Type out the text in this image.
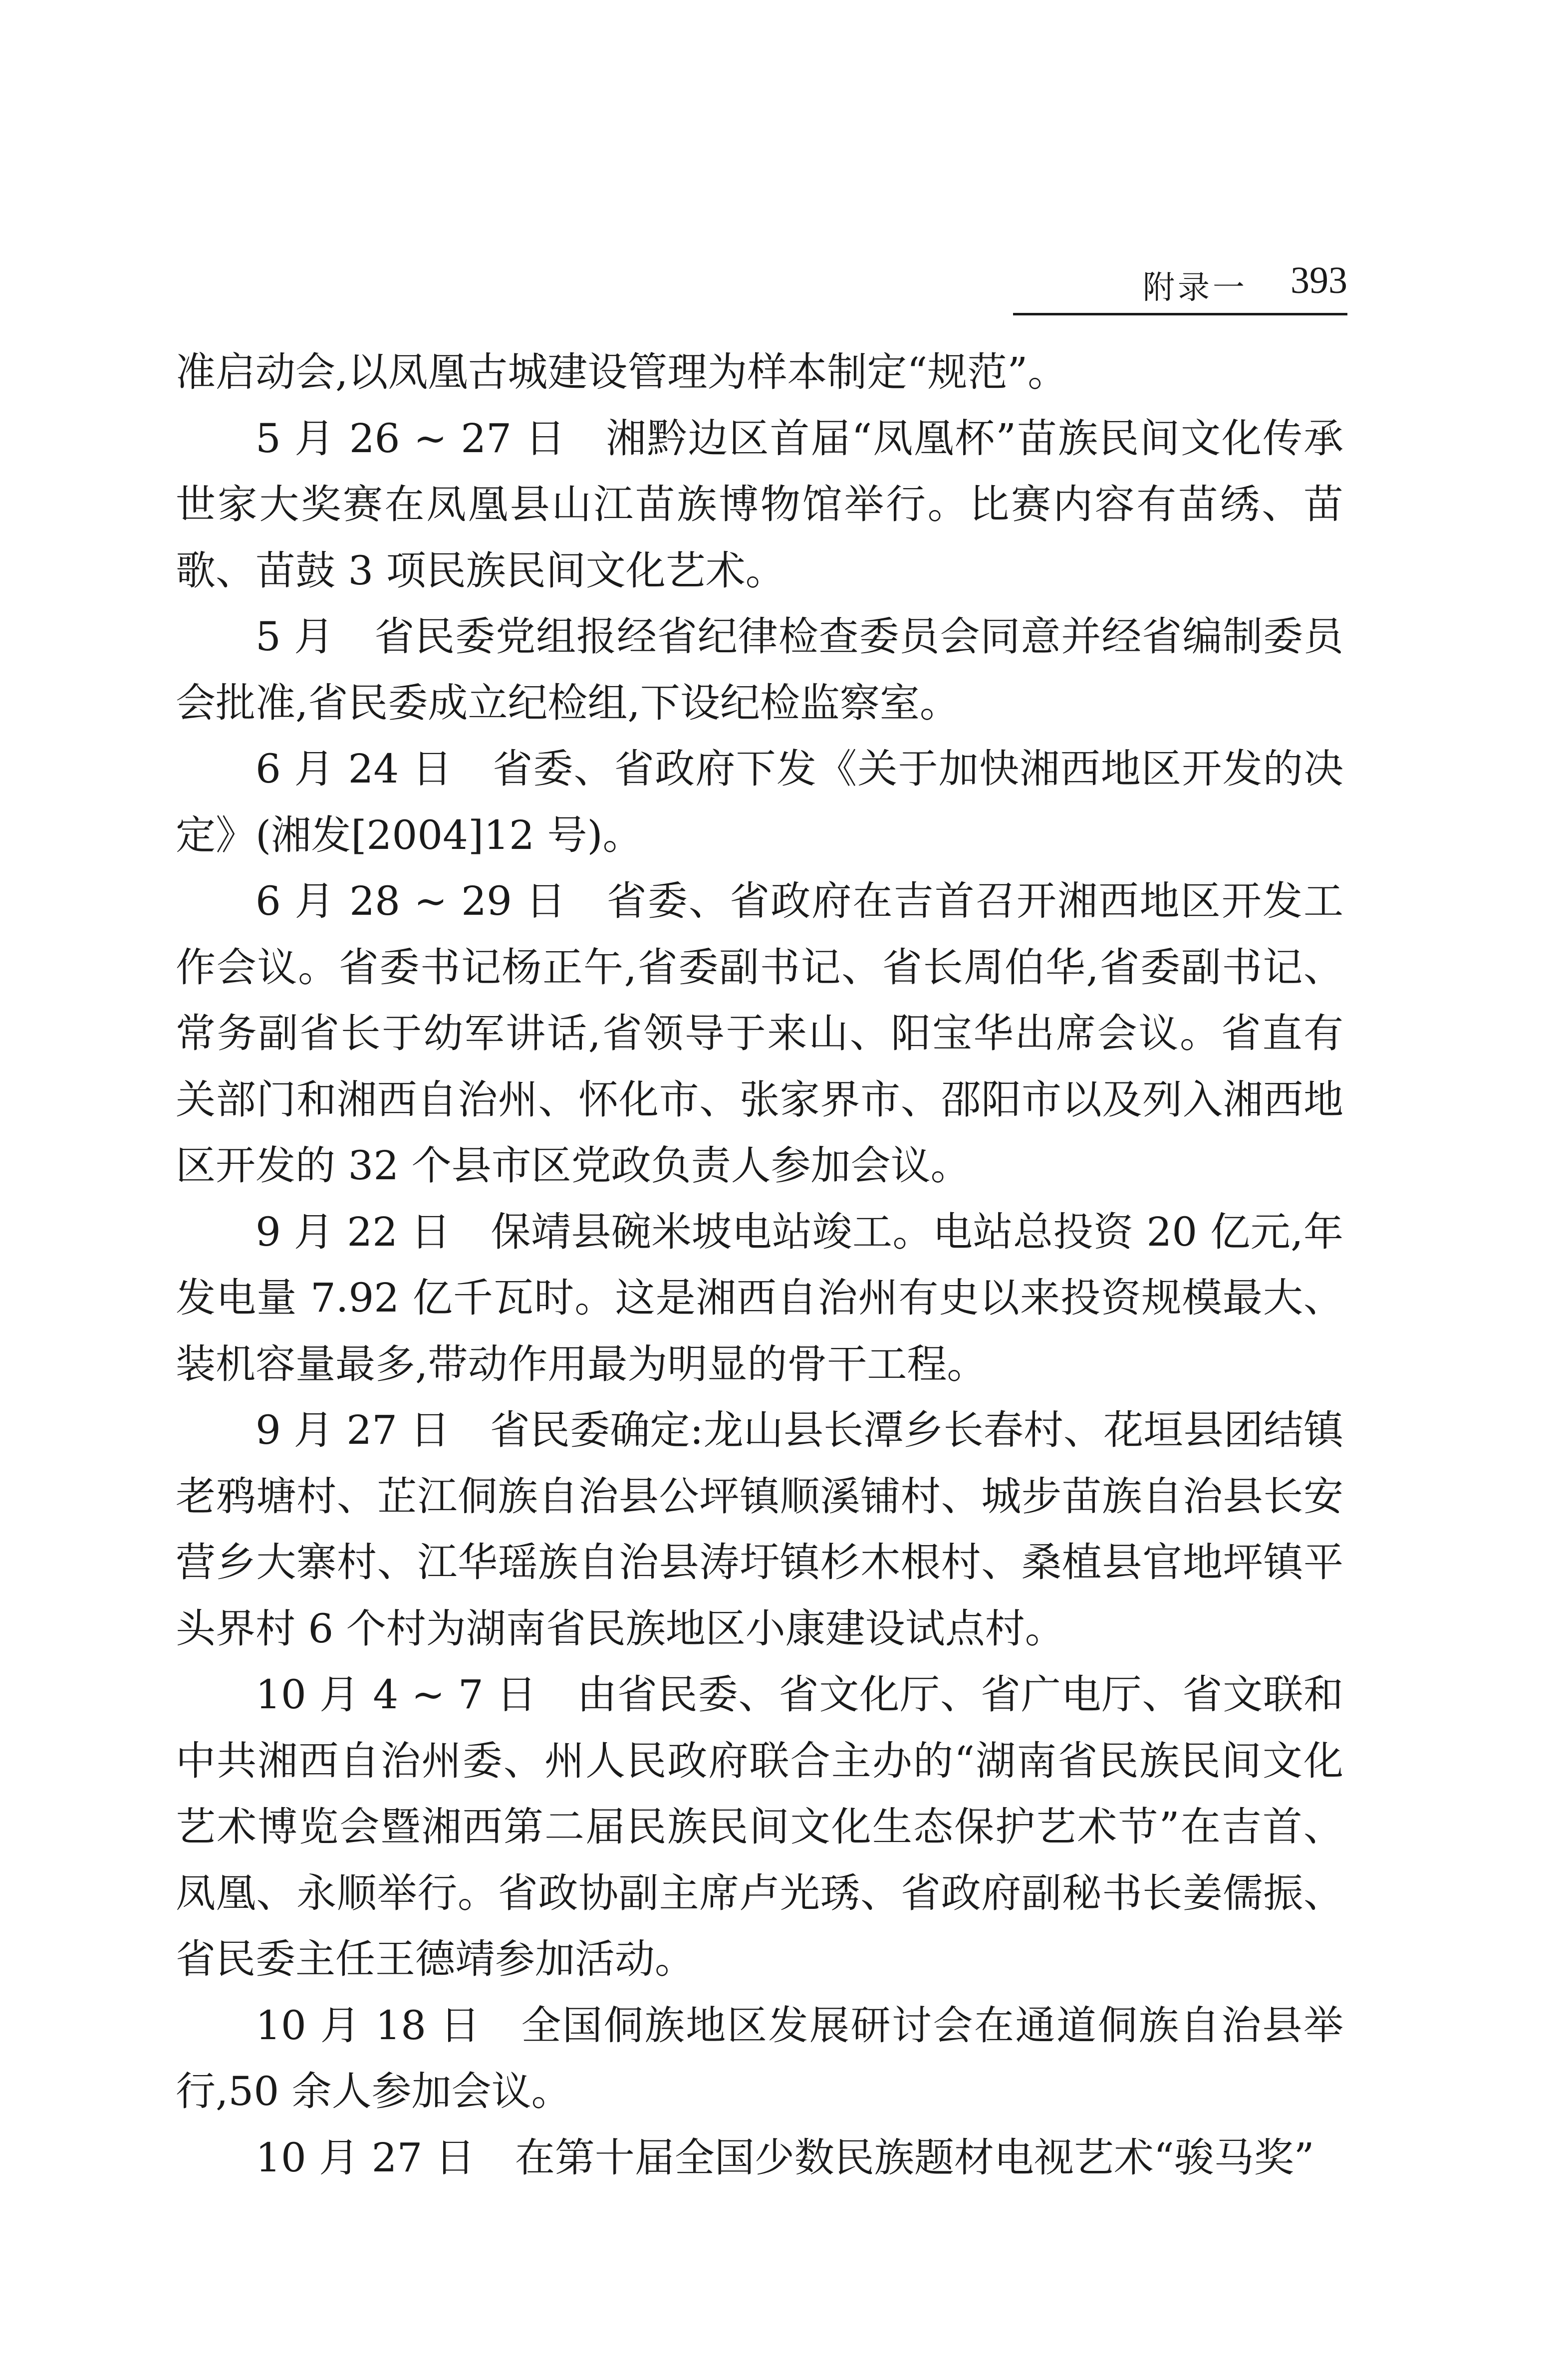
附录一 393

准启动会,以凤凰古城建设管理为样本制定“规范”。

5 月 26 ~ 27 日 湘黔边区首届“凤凰杯”苗族民间文化传承世家大奖赛在凤凰县山江苗族博物馆举行。比赛内容有苗绣、苗歌、苗鼓 3 项民族民间文化艺术。

5 月 省民委党组报经省纪律检查委员会同意并经省编制委员会批准,省民委成立纪检组,下设纪检监察室。

6 月 24 日 省委、省政府下发《关于加快湘西地区开发的决定》(湘发[2004]12 号)。

6 月 28 ~ 29 日 省委、省政府在吉首召开湘西地区开发工作会议。省委书记杨正午,省委副书记、省长周伯华,省委副书记、常务副省长于幼军讲话,省领导于来山、阳宝华出席会议。省直有关部门和湘西自治州、怀化市、张家界市、邵阳市以及列入湘西地区开发的 32 个县市区党政负责人参加会议。

9 月 22 日 保靖县碗米坡电站竣工。电站总投资 20 亿元,年发电量 7.92 亿千瓦时。这是湘西自治州有史以来投资规模最大、装机容量最多,带动作用最为明显的骨干工程。

9 月 27 日 省民委确定:龙山县长潭乡长春村、花垣县团结镇老鸦塘村、芷江侗族自治县公坪镇顺溪铺村、城步苗族自治县长安营乡大寨村、江华瑶族自治县涛圩镇杉木根村、桑植县官地坪镇平头界村 6 个村为湖南省民族地区小康建设试点村。

10 月 4 ~ 7 日 由省民委、省文化厅、省广电厅、省文联和中共湘西自治州委、州人民政府联合主办的“湖南省民族民间文化艺术博览会暨湘西第二届民族民间文化生态保护艺术节”在吉首、凤凰、永顺举行。省政协副主席卢光琇、省政府副秘书长姜儒振、省民委主任王德靖参加活动。

10 月 18 日 全国侗族地区发展研讨会在通道侗族自治县举行,50 余人参加会议。

10 月 27 日 在第十届全国少数民族题材电视艺术“骏马奖”
